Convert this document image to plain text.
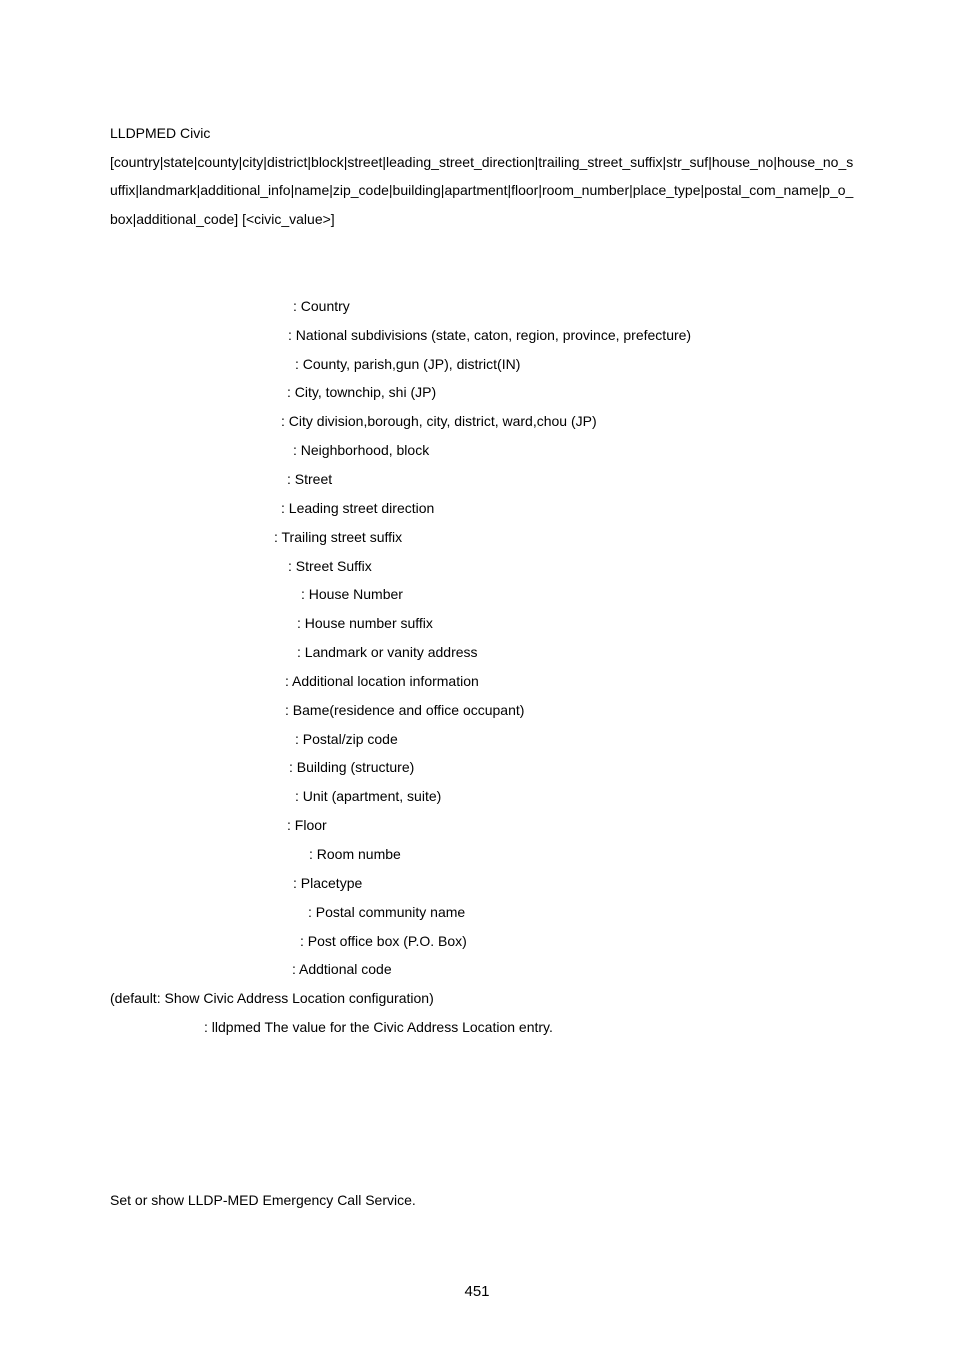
LLDPMED Civic
[country|state|county|city|district|block|street|leading_street_direction|trailing_street_suffix|str_suf|house_no|house_no_s
uffix|landmark|additional_info|name|zip_code|building|apartment|floor|room_number|place_type|postal_com_name|p_o_
box|additional_code] [<civic_value>]
: Country
: National subdivisions (state, caton, region, province, prefecture)
: County, parish,gun (JP), district(IN)
: City, townchip, shi (JP)
: City division,borough, city, district, ward,chou (JP)
: Neighborhood, block
: Street
: Leading street direction
: Trailing street suffix
: Street Suffix
: House Number
: House number suffix
: Landmark or vanity address
: Additional location information
: Bame(residence and office occupant)
: Postal/zip code
: Building (structure)
: Unit (apartment, suite)
: Floor
: Room numbe
: Placetype
: Postal community name
: Post office box (P.O. Box)
: Addtional code
(default: Show Civic Address Location configuration)
: lldpmed The value for the Civic Address Location entry.
Set or show LLDP-MED Emergency Call Service.
451
